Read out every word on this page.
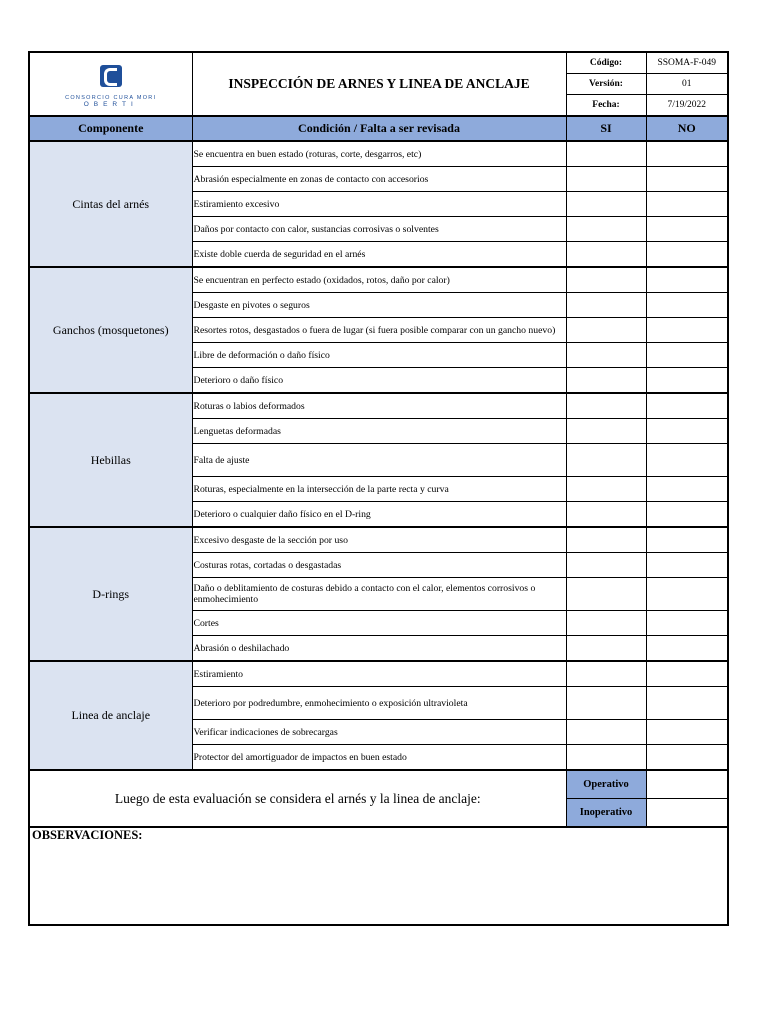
CONSORCIO CURA MORI
OBERTI	INSPECCIÓN DE ARNES Y LINEA DE ANCLAJE	Código:	SSOMA-F-049
		Versión:	01
		Fecha:	7/19/2022
Componente	Condición / Falta a ser revisada	SI	NO
Cintas del arnés	Se encuentra en buen estado (roturas, corte, desgarros, etc)		
	Abrasión especialmente en zonas de contacto con accesorios		
	Estiramiento excesivo		
	Daños por contacto con calor, sustancias corrosivas o solventes		
	Existe doble cuerda de seguridad en el arnés		
Ganchos (mosquetones)	Se encuentran en perfecto estado (oxidados, rotos, daño por calor)		
	Desgaste en pivotes o seguros		
	Resortes rotos, desgastados o fuera de lugar (si fuera posible comparar con un gancho nuevo)		
	Libre de deformación o daño físico		
	Deterioro o daño físico		
Hebillas	Roturas o labios deformados		
	Lenguetas deformadas		
	Falta de ajuste		
	Roturas, especialmente en la intersección de la parte recta y curva		
	Deterioro o cualquier daño físico en el D-ring		
D-rings	Excesivo desgaste de la sección por uso		
	Costuras rotas, cortadas o desgastadas		
	Daño o deblitamiento de costuras debido a contacto con el calor, elementos corrosivos o enmohecimiento		
	Cortes		
	Abrasión o deshilachado		
Linea de anclaje	Estiramiento		
	Deterioro por podredumbre, enmohecimiento o exposición ultravioleta		
	Verificar indicaciones de sobrecargas		
	Protector del amortiguador de impactos en buen estado		
Luego de esta evaluación se considera el arnés y la linea de anclaje:		Operativo	
		Inoperativo	
OBSERVACIONES:			
